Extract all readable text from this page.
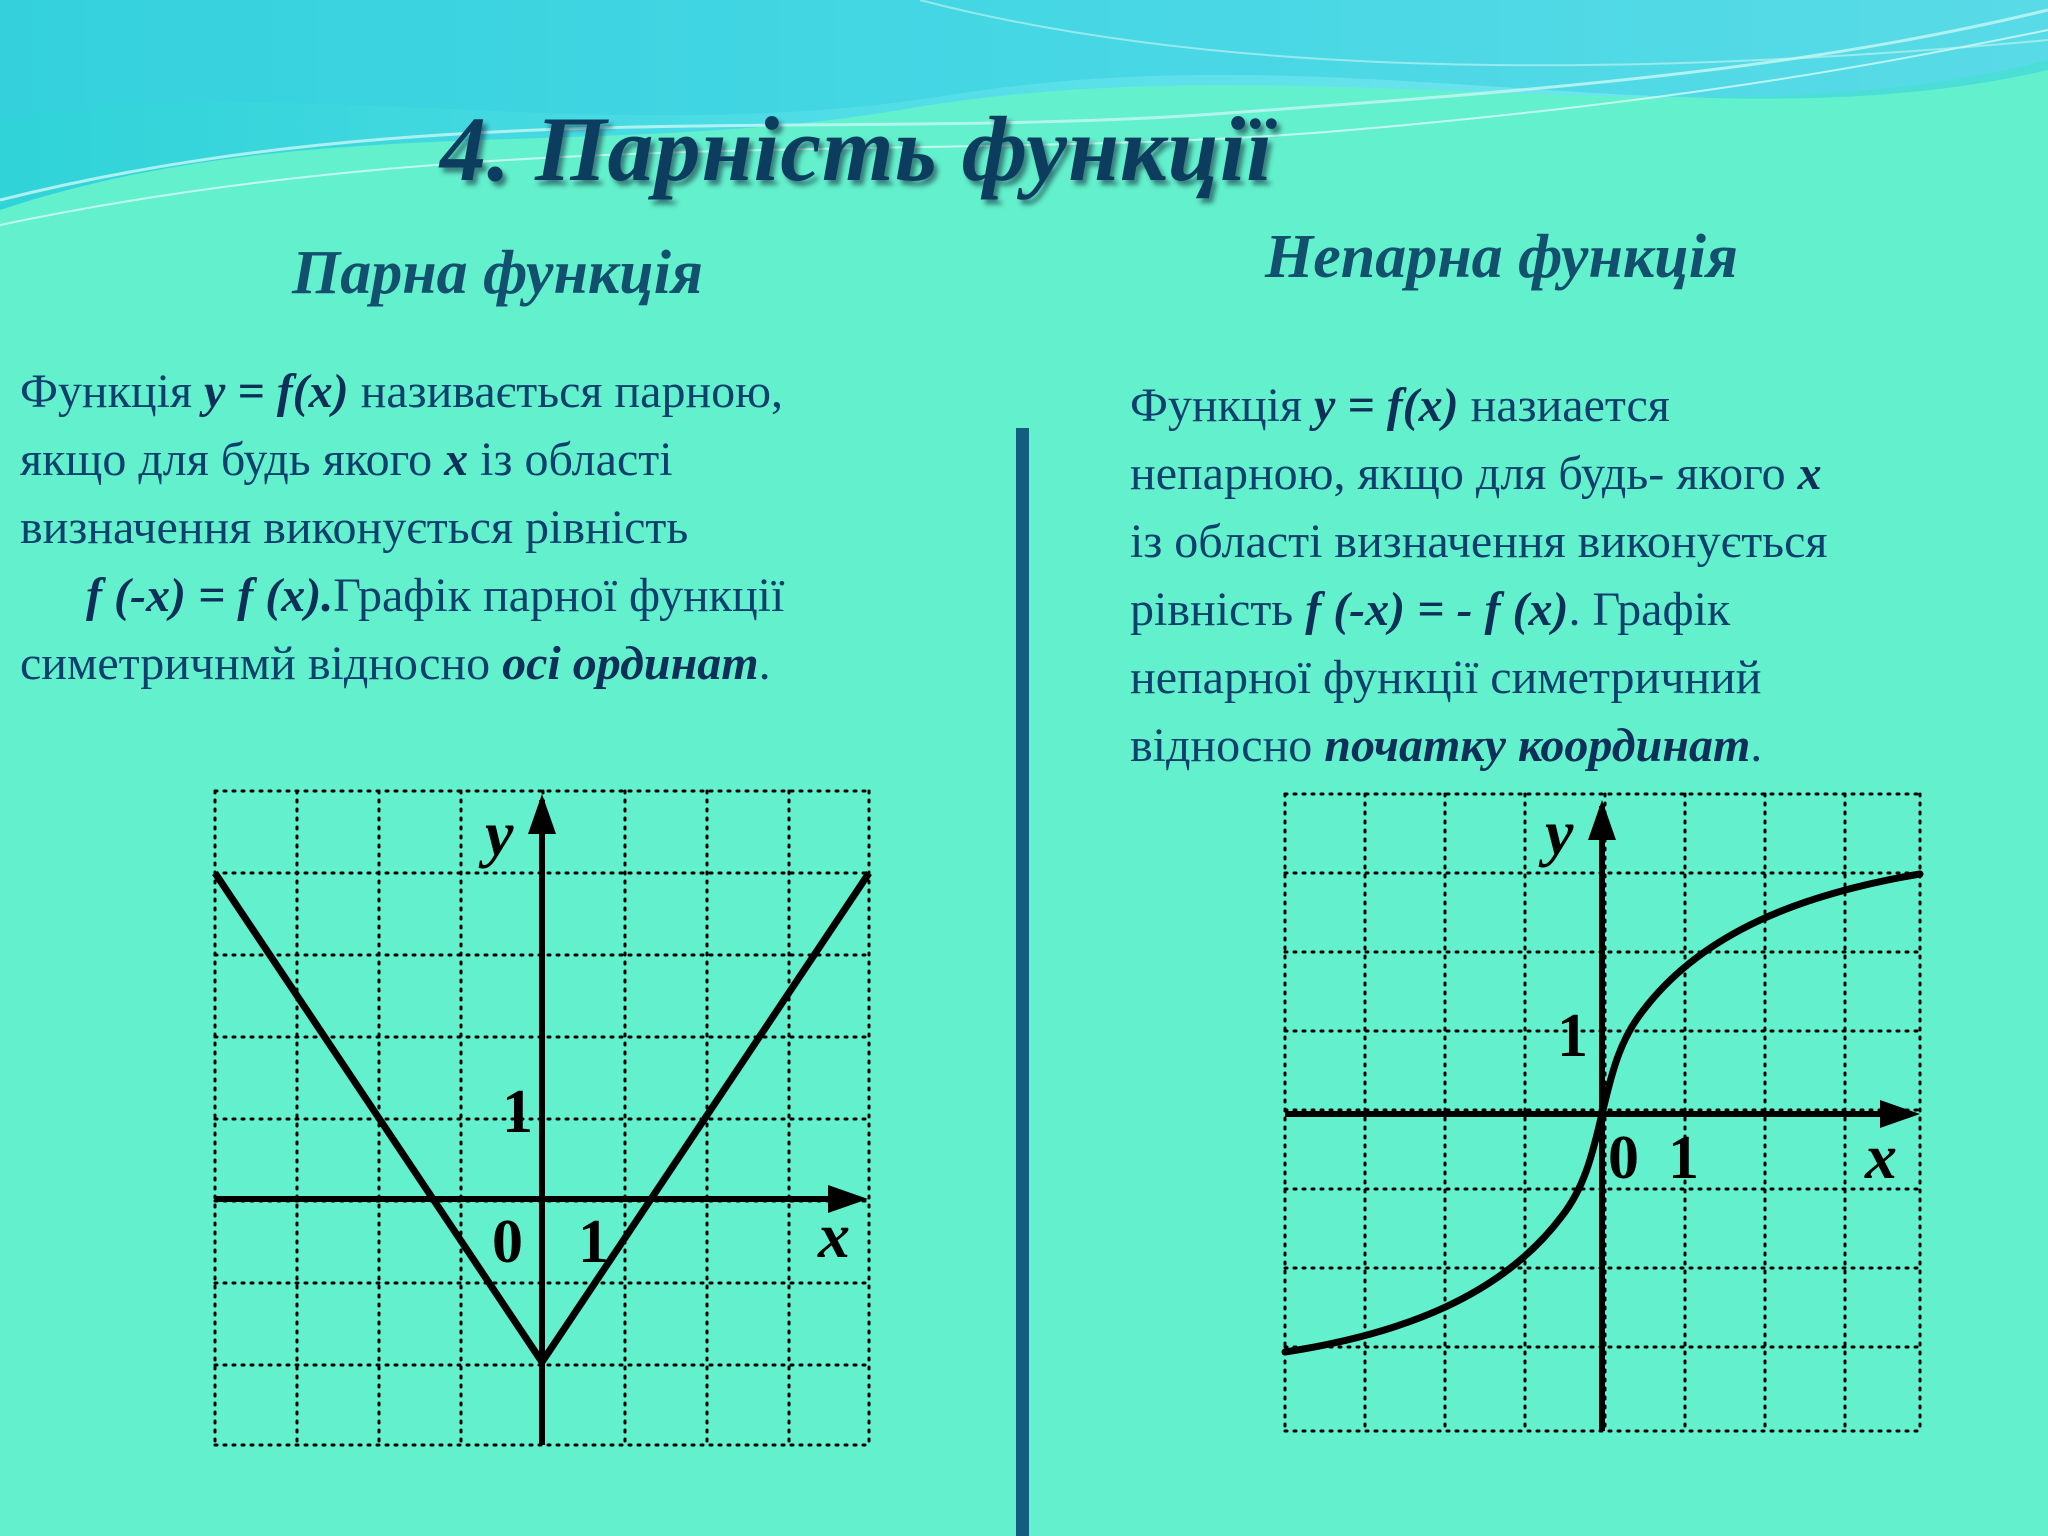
4. Парність функції
Парна функція	Непарна функція

Функція y = f(x) називається парною,
якщо для будь якого x із області
визначення виконується рівність
f (-x) = f (x).Графік парної функції
симетричнмй відносно осі ординат.

Функція y = f(x) назиается
непарною, якщо для будь- якого x
із області визначення виконується
рівність f (-x) = - f (x). Графік
непарної функції симетричний
відносно початку координат.

y
x
0 1
1
y
x
0 1
1
